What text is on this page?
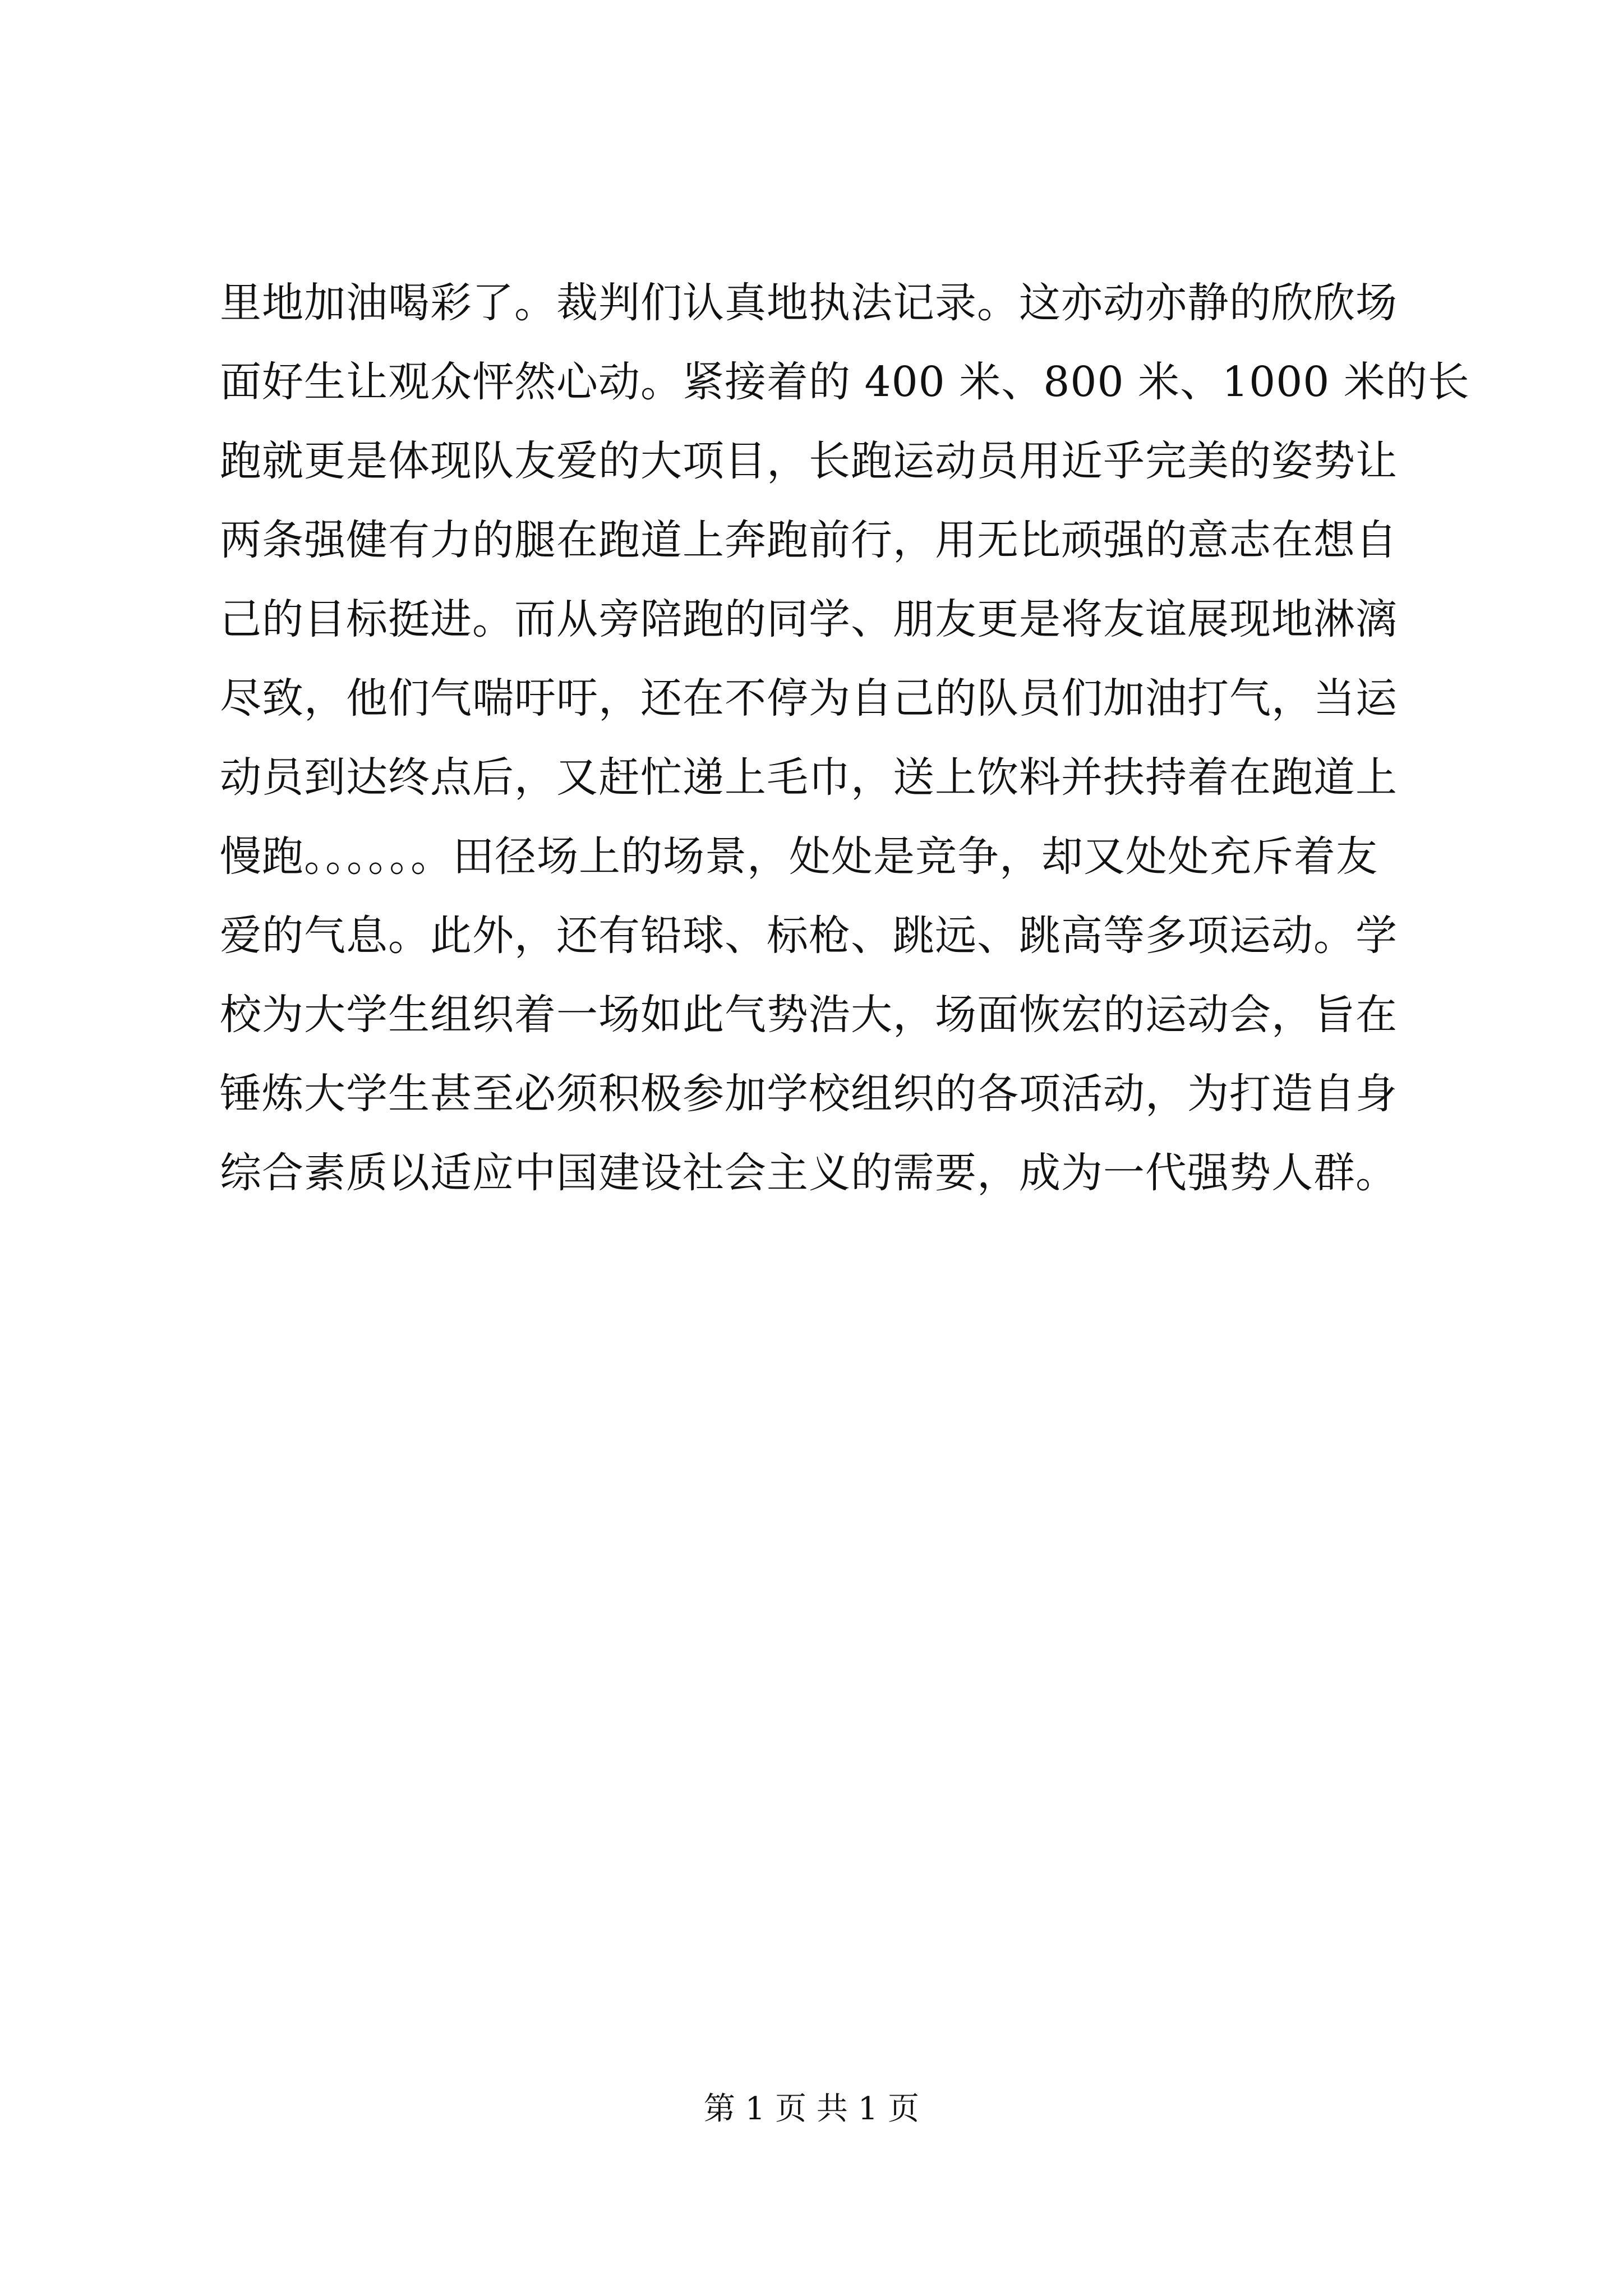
里地加油喝彩了。裁判们认真地执法记录。这亦动亦静的欣欣场
面好生让观众怦然心动。紧接着的 400 米、800 米、1000 米的长
跑就更是体现队友爱的大项目，长跑运动员用近乎完美的姿势让
两条强健有力的腿在跑道上奔跑前行，用无比顽强的意志在想自
己的目标挺进。而从旁陪跑的同学、朋友更是将友谊展现地淋漓
尽致，他们气喘吁吁，还在不停为自己的队员们加油打气，当运
动员到达终点后，又赶忙递上毛巾，送上饮料并扶持着在跑道上
慢跑。。。。。。田径场上的场景，处处是竞争，却又处处充斥着友
爱的气息。此外，还有铅球、标枪、跳远、跳高等多项运动。学
校为大学生组织着一场如此气势浩大，场面恢宏的运动会，旨在
锤炼大学生甚至必须积极参加学校组织的各项活动，为打造自身
综合素质以适应中国建设社会主义的需要，成为一代强势人群。
第 1 页 共 1 页
